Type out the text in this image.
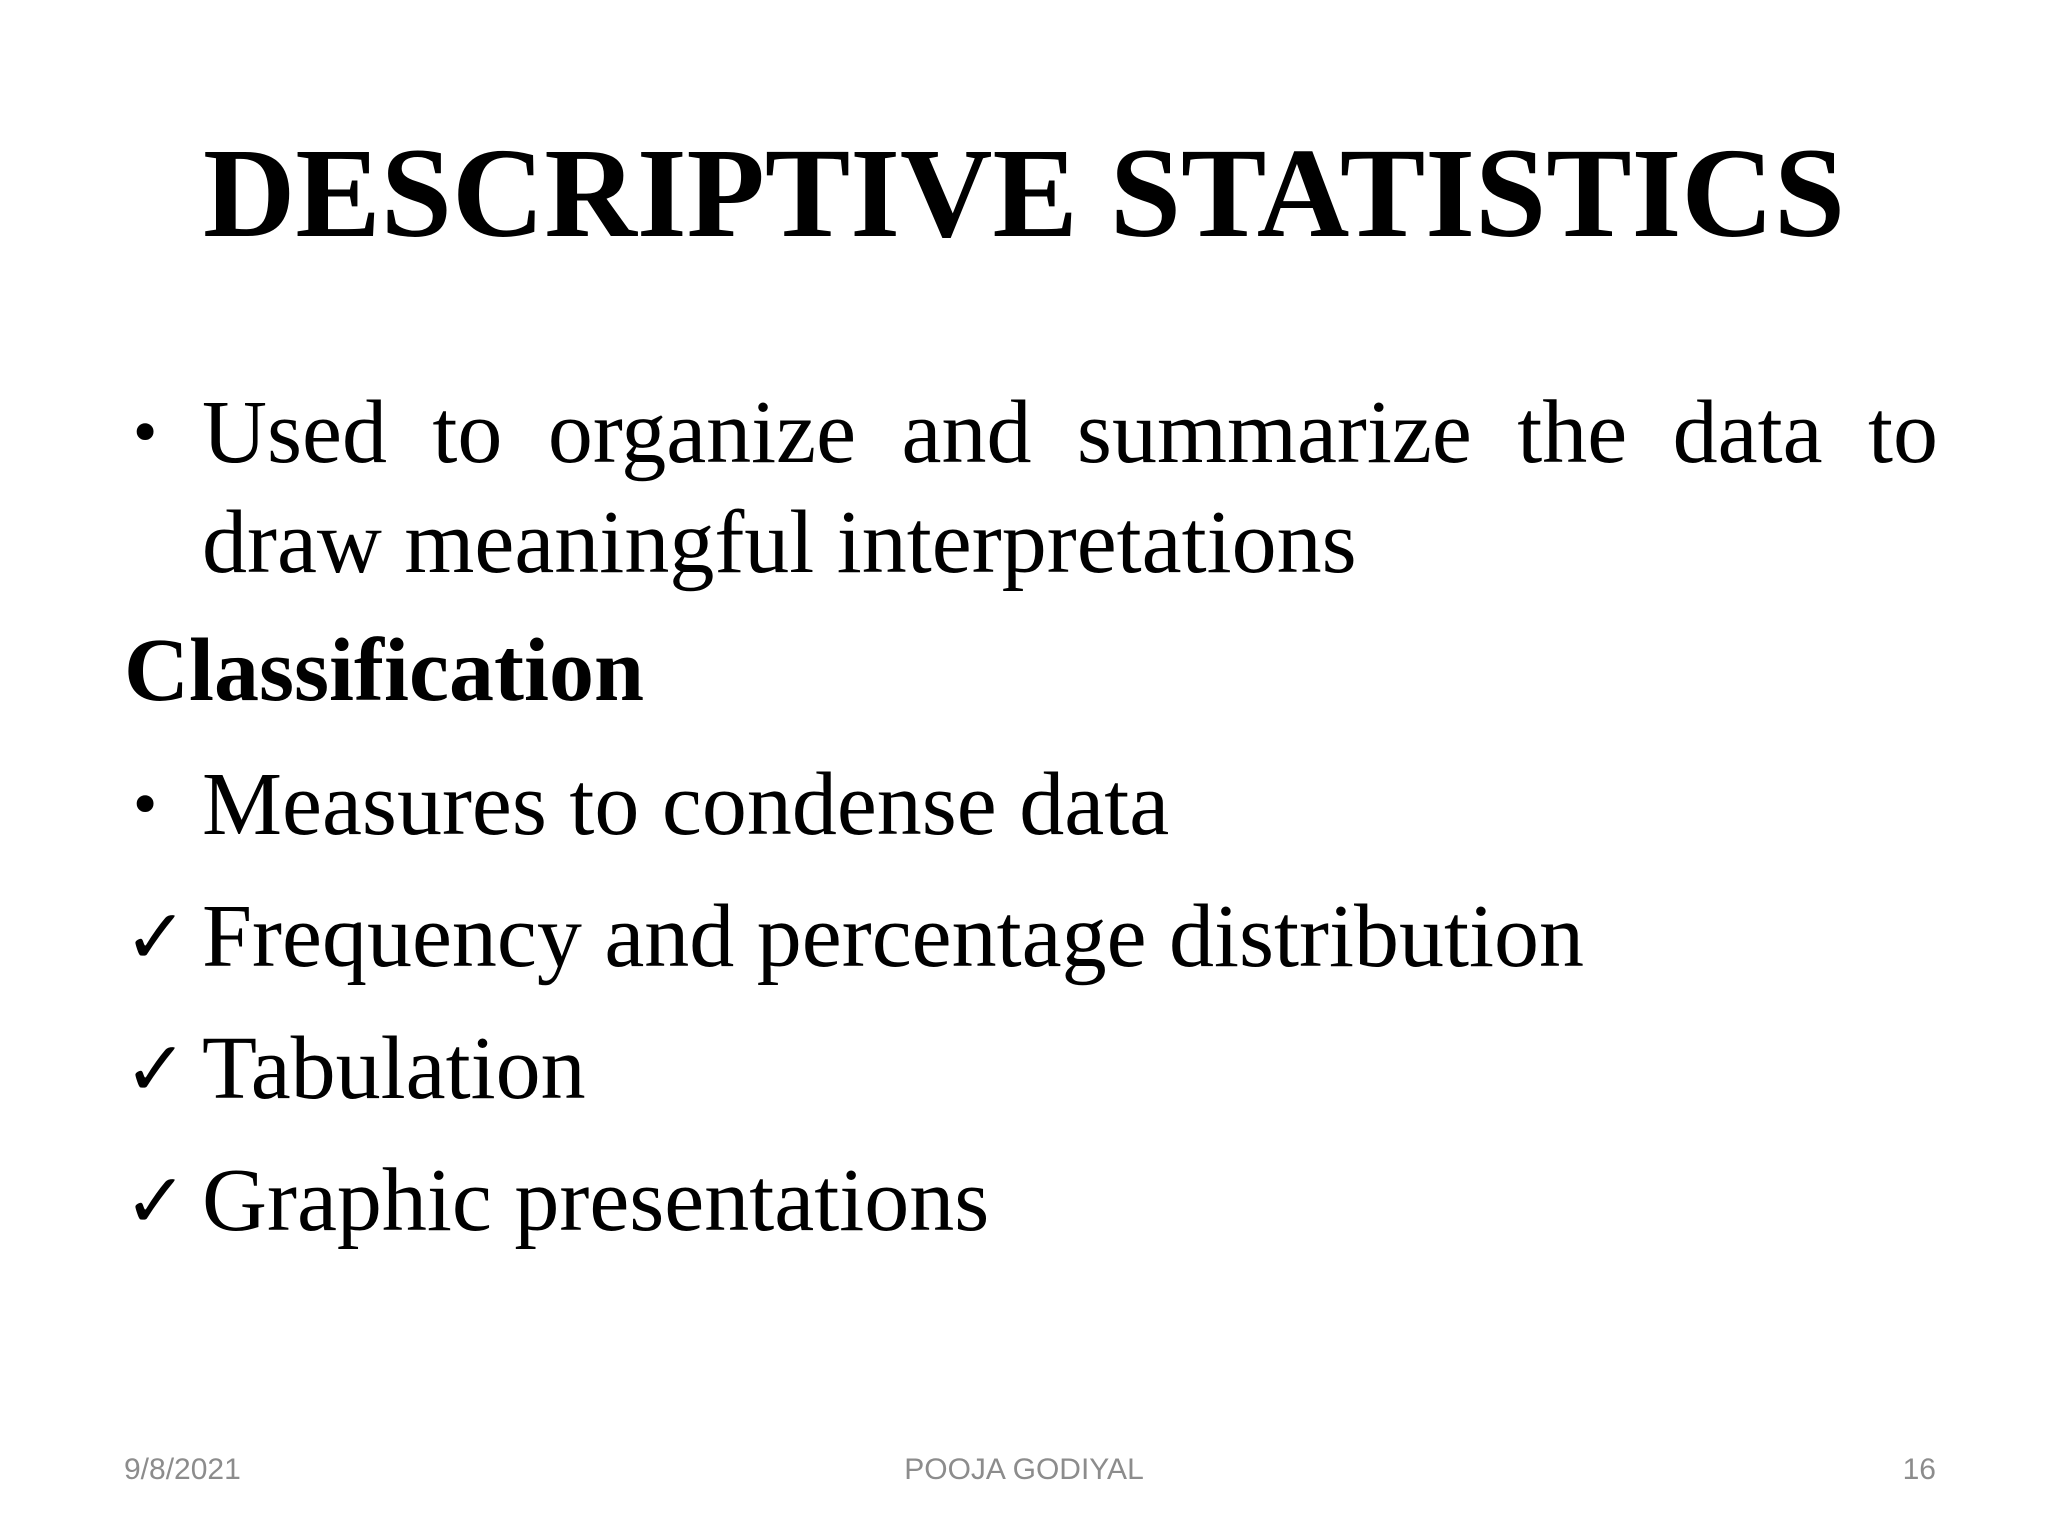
DESCRIPTIVE STATISTICS
• Used to organize and summarize the data to draw meaningful interpretations
Classification
• Measures to condense data
✓ Frequency and percentage distribution
✓ Tabulation
✓ Graphic presentations
9/8/2021	POOJA GODIYAL	16
